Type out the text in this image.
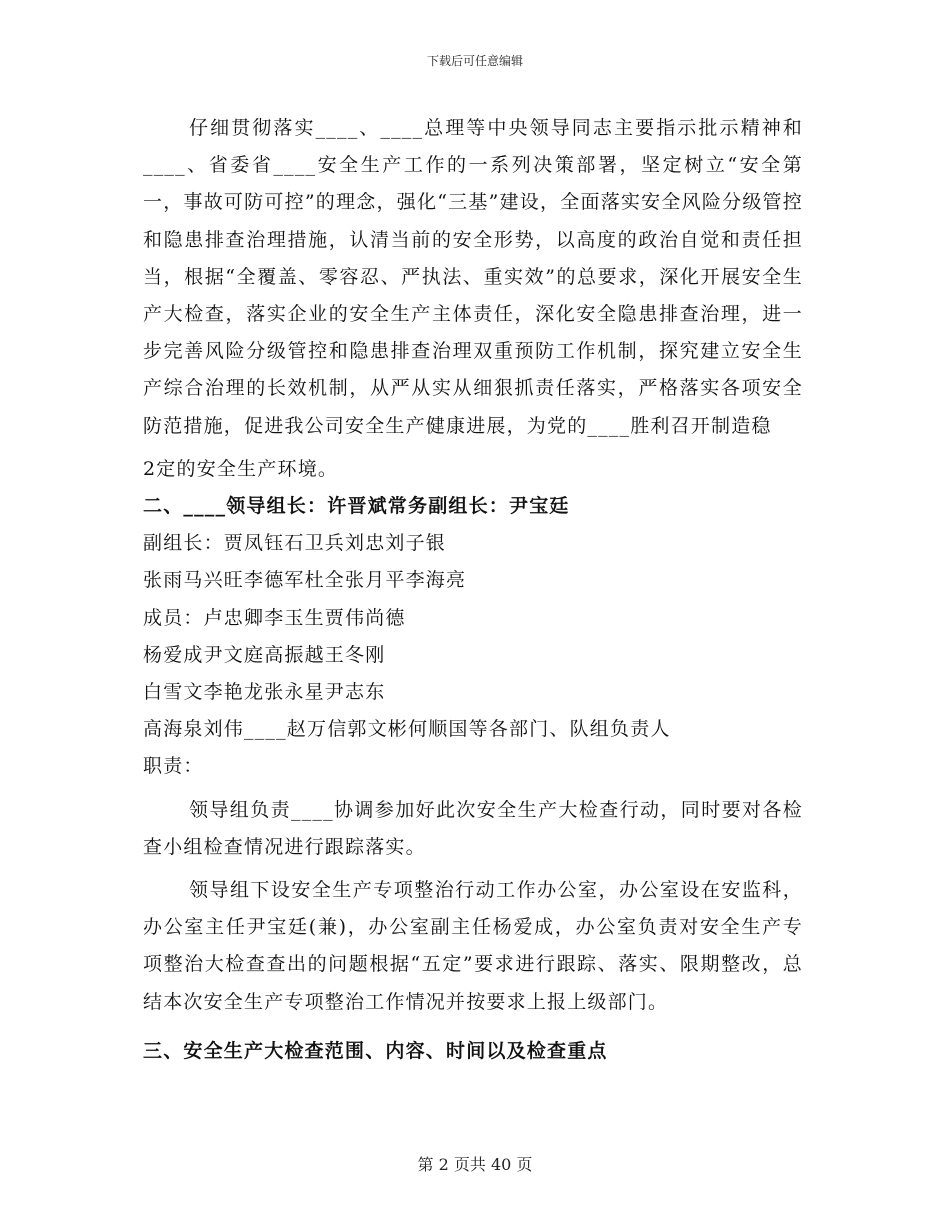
下载后可任意编辑

仔细贯彻落实____、____总理等中央领导同志主要指示批示精神和____、省委省____安全生产工作的一系列决策部署，坚定树立“安全第一，事故可防可控”的理念，强化“三基”建设，全面落实安全风险分级管控和隐患排查治理措施，认清当前的安全形势，以高度的政治自觉和责任担当，根据“全覆盖、零容忍、严执法、重实效”的总要求，深化开展安全生产大检查，落实企业的安全生产主体责任，深化安全隐患排查治理，进一步完善风险分级管控和隐患排查治理双重预防工作机制，探究建立安全生产综合治理的长效机制，从严从实从细狠抓责任落实，严格落实各项安全防范措施，促进我公司安全生产健康进展，为党的____胜利召开制造稳

2定的安全生产环境。

二、____领导组长：许晋斌常务副组长：尹宝廷

副组长：贾凤钰石卫兵刘忠刘子银

张雨马兴旺李德军杜全张月平李海亮

成员：卢忠卿李玉生贾伟尚德

杨爱成尹文庭高振越王冬刚

白雪文李艳龙张永星尹志东

高海泉刘伟____赵万信郭文彬何顺国等各部门、队组负责人

职责：

领导组负责____协调参加好此次安全生产大检查行动，同时要对各检查小组检查情况进行跟踪落实。

领导组下设安全生产专项整治行动工作办公室，办公室设在安监科，办公室主任尹宝廷(兼)，办公室副主任杨爱成，办公室负责对安全生产专项整治大检查查出的问题根据“五定”要求进行跟踪、落实、限期整改，总结本次安全生产专项整治工作情况并按要求上报上级部门。

三、安全生产大检查范围、内容、时间以及检查重点

第 2 页共 40 页
